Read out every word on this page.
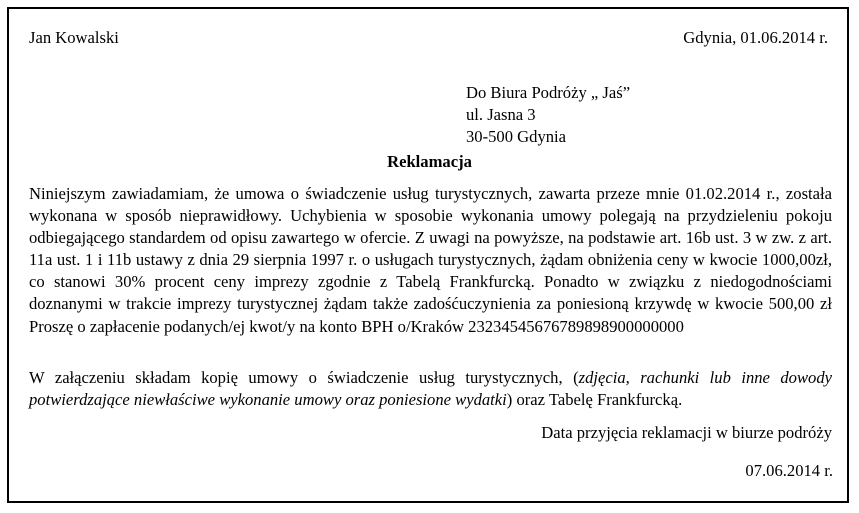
Jan Kowalski	Gdynia, 01.06.2014 r.
Do Biura Podróży „ Jaś”
ul. Jasna 3
30-500 Gdynia
Reklamacja
Niniejszym zawiadamiam, że umowa o świadczenie usług turystycznych, zawarta przeze mnie 01.02.2014 r., została wykonana w sposób nieprawidłowy. Uchybienia w sposobie wykonania umowy polegają na przydzieleniu pokoju odbiegającego standardem od opisu zawartego w ofercie. Z uwagi na powyższe, na podstawie art. 16b ust. 3 w zw. z art. 11a ust. 1 i 11b ustawy z dnia 29 sierpnia 1997 r. o usługach turystycznych, żądam obniżenia ceny w kwocie 1000,00zł, co stanowi 30% procent ceny imprezy zgodnie z Tabelą Frankfurcką. Ponadto w związku z niedogodnościami doznanymi w trakcie imprezy turystycznej żądam także zadośćuczynienia za poniesioną krzywdę w kwocie 500,00 zł Proszę o zapłacenie podanych/ej kwot/y na konto BPH o/Kraków 23234545676789898900000000
W załączeniu składam kopię umowy o świadczenie usług turystycznych, (zdjęcia, rachunki lub inne dowody potwierdzające niewłaściwe wykonanie umowy oraz poniesione wydatki) oraz Tabelę Frankfurcką.
Data przyjęcia reklamacji w biurze podróży
07.06.2014 r.
